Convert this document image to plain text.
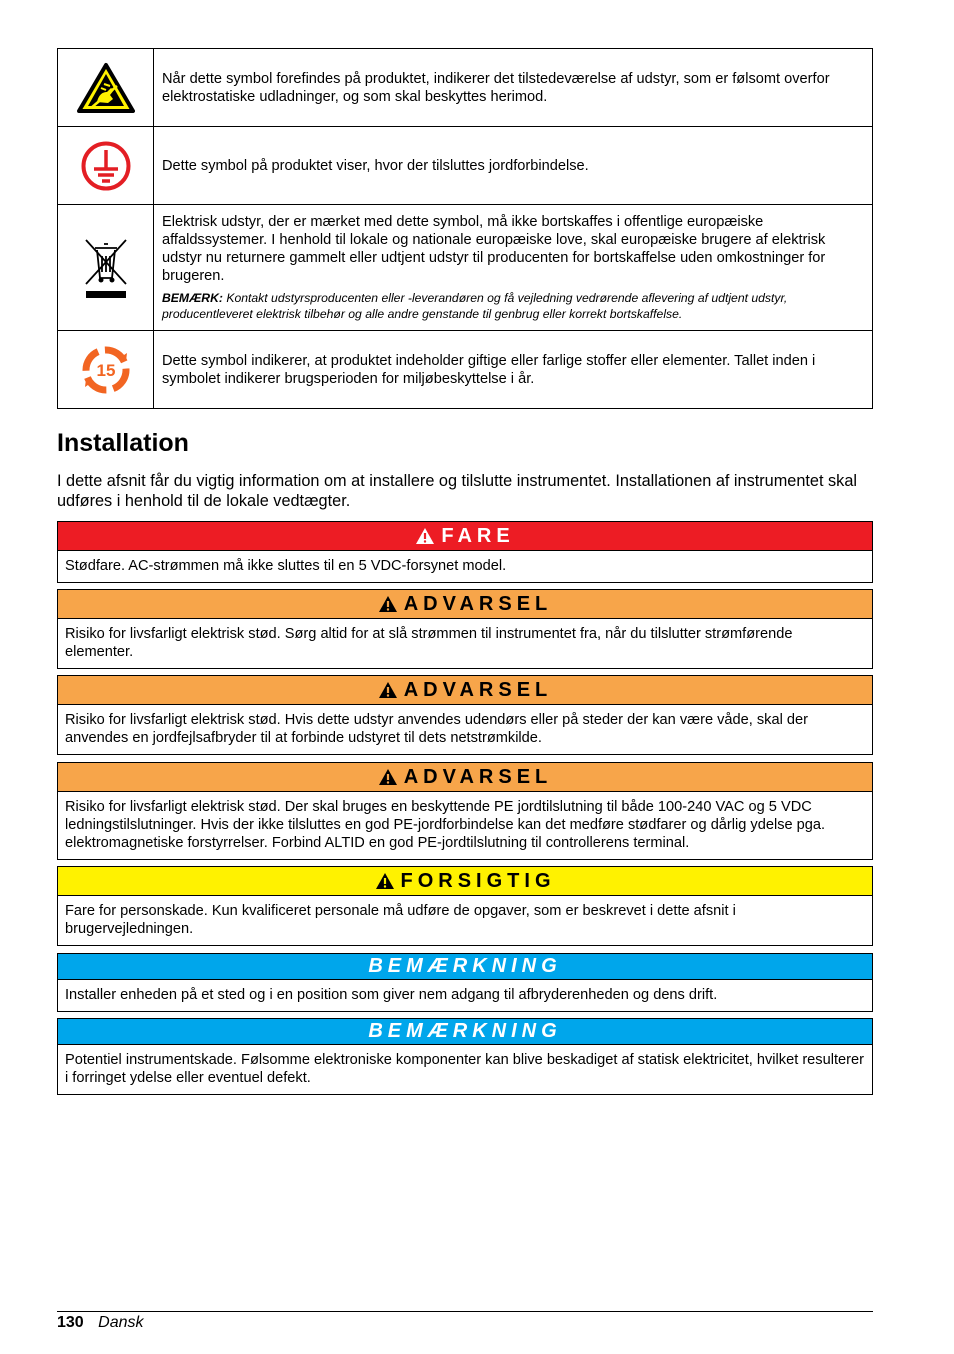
	Når dette symbol forefindes på produktet, indikerer det tilstedeværelse af udstyr, som er følsomt overfor elektrostatiske udladninger, og som skal beskyttes herimod.

	Dette symbol på produktet viser, hvor der tilsluttes jordforbindelse.

Elektrisk udstyr, der er mærket med dette symbol, må ikke bortskaffes i offentlige europæiske affaldssystemer. I henhold til lokale og nationale europæiske love, skal europæiske brugere af elektrisk udstyr nu returnere gammelt eller udtjent udstyr til producenten for bortskaffelse uden omkostninger for brugeren.
BEMÆRK: Kontakt udstyrsproducenten eller -leverandøren og få vejledning vedrørende aflevering af udtjent udstyr, producentleveret elektrisk tilbehør og alle andre genstande til genbrug eller korrekt bortskaffelse.

15	Dette symbol indikerer, at produktet indeholder giftige eller farlige stoffer eller elementer. Tallet inden i symbolet indikerer brugsperioden for miljøbeskyttelse i år.
Installation

I dette afsnit får du vigtig information om at installere og tilslutte instrumentet. Installationen af instrumentet skal udføres i henhold til de lokale vedtægter.

FARE
Stødfare. AC-strømmen må ikke sluttes til en 5 VDC-forsynet model.
ADVARSEL
Risiko for livsfarligt elektrisk stød. Sørg altid for at slå strømmen til instrumentet fra, når du tilslutter strømførende elementer.
ADVARSEL
Risiko for livsfarligt elektrisk stød. Hvis dette udstyr anvendes udendørs eller på steder der kan være våde, skal der anvendes en jordfejlsafbryder til at forbinde udstyret til dets netstrømkilde.
ADVARSEL
Risiko for livsfarligt elektrisk stød. Der skal bruges en beskyttende PE jordtilslutning til både 100-240 VAC og 5 VDC ledningstilslutninger. Hvis der ikke tilsluttes en god PE-jordforbindelse kan det medføre stødfarer og dårlig ydelse pga. elektromagnetiske forstyrrelser. Forbind ALTID en god PE-jordtilslutning til controllerens terminal.
FORSIGTIG
Fare for personskade. Kun kvalificeret personale må udføre de opgaver, som er beskrevet i dette afsnit i brugervejledningen.
BEMÆRKNING
Installer enheden på et sted og i en position som giver nem adgang til afbryderenheden og dens drift.
BEMÆRKNING
Potentiel instrumentskade. Følsomme elektroniske komponenter kan blive beskadiget af statisk elektricitet, hvilket resulterer i forringet ydelse eller eventuel defekt.
130 Dansk
